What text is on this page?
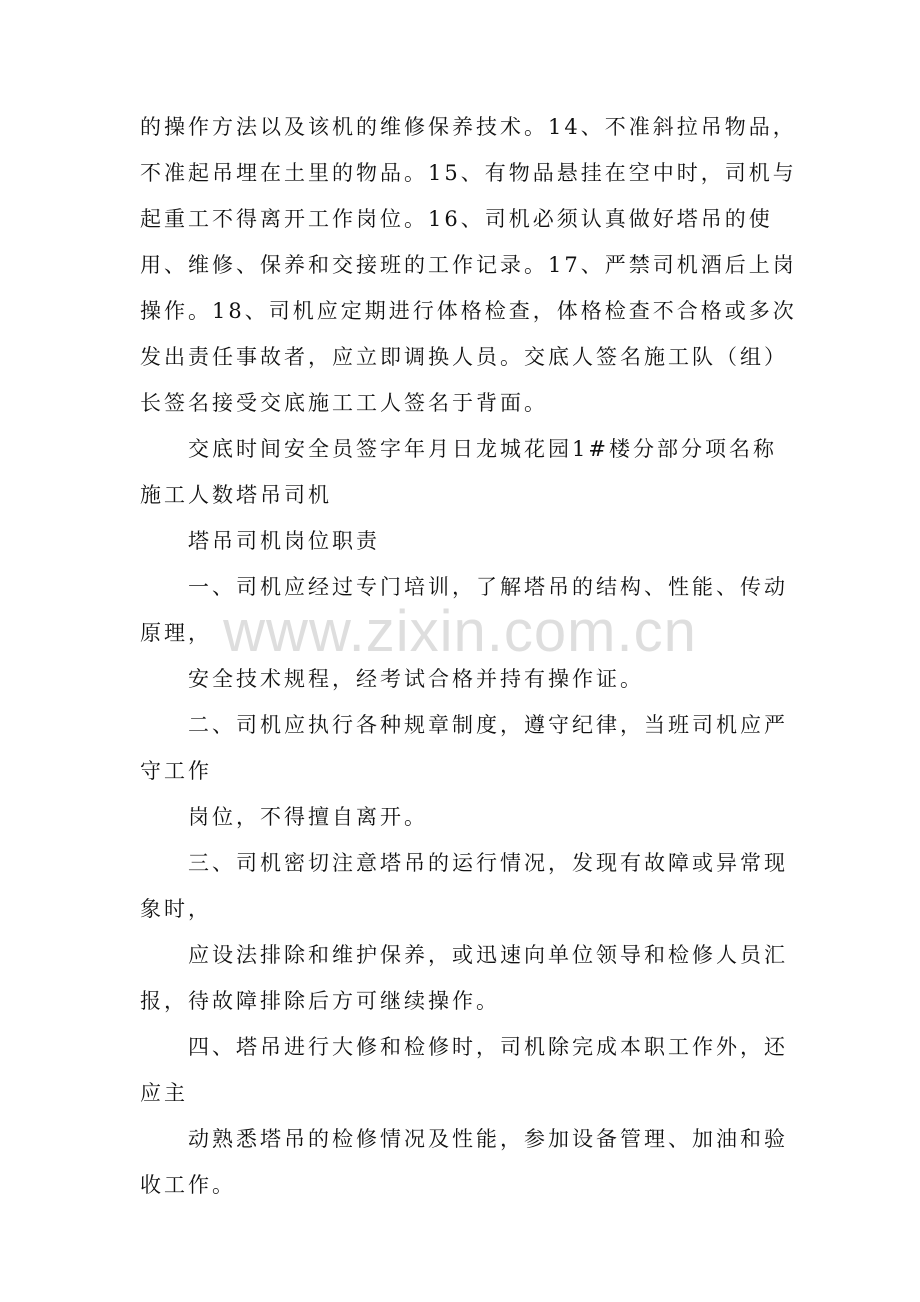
的操作方法以及该机的维修保养技术。14、不准斜拉吊物品，不准起吊埋在土里的物品。15、有物品悬挂在空中时，司机与起重工不得离开工作岗位。16、司机必须认真做好塔吊的使用、维修、保养和交接班的工作记录。17、严禁司机酒后上岗操作。18、司机应定期进行体格检查，体格检查不合格或多次发出责任事故者，应立即调换人员。交底人签名施工队（组）长签名接受交底施工工人签名于背面。

交底时间安全员签字年月日龙城花园1#楼分部分项名称施工人数塔吊司机

塔吊司机岗位职责

一、司机应经过专门培训，了解塔吊的结构、性能、传动原理，

安全技术规程，经考试合格并持有操作证。

二、司机应执行各种规章制度，遵守纪律，当班司机应严守工作

岗位，不得擅自离开。

三、司机密切注意塔吊的运行情况，发现有故障或异常现象时，

应设法排除和维护保养，或迅速向单位领导和检修人员汇报，待故障排除后方可继续操作。

四、塔吊进行大修和检修时，司机除完成本职工作外，还应主

动熟悉塔吊的检修情况及性能，参加设备管理、加油和验收工作。

www.zixin.com.cn
